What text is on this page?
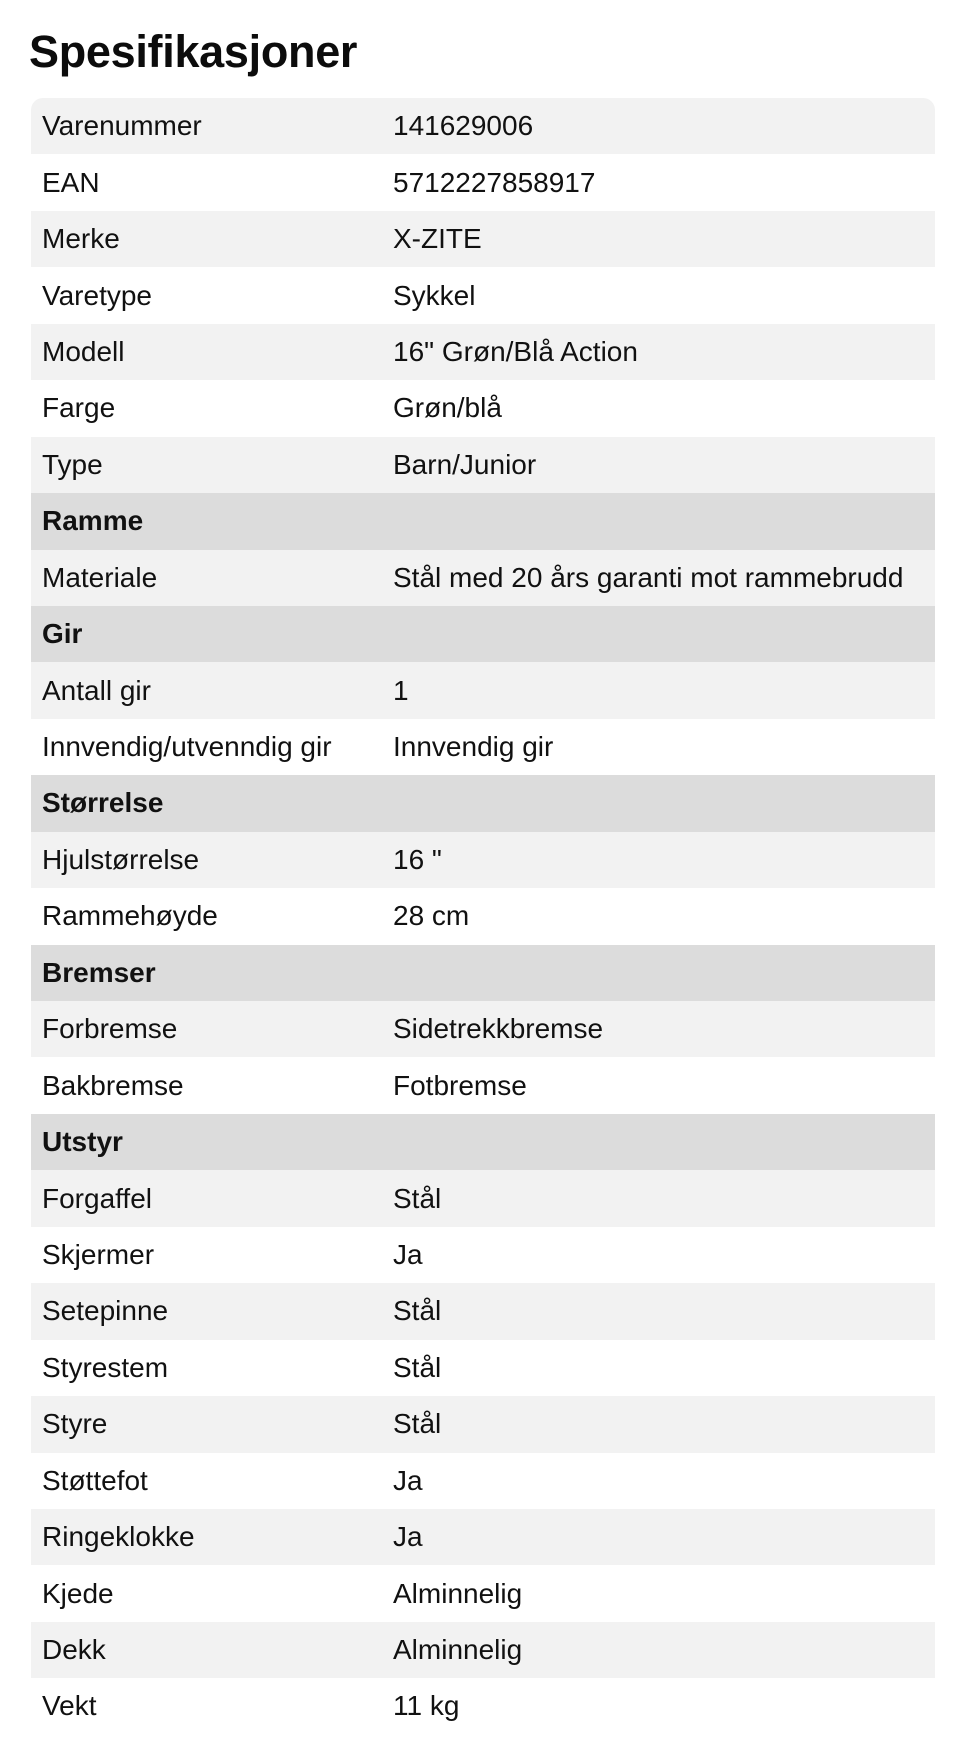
Spesifikasjoner
Varenummer	141629006
EAN	5712227858917
Merke	X-ZITE
Varetype	Sykkel
Modell	16" Grøn/Blå Action
Farge	Grøn/blå
Type	Barn/Junior
Ramme
Materiale	Stål med 20 års garanti mot rammebrudd
Gir
Antall gir	1
Innvendig/utvenndig gir	Innvendig gir
Størrelse
Hjulstørrelse	16 "
Rammehøyde	28 cm
Bremser
Forbremse	Sidetrekkbremse
Bakbremse	Fotbremse
Utstyr
Forgaffel	Stål
Skjermer	Ja
Setepinne	Stål
Styrestem	Stål
Styre	Stål
Støttefot	Ja
Ringeklokke	Ja
Kjede	Alminnelig
Dekk	Alminnelig
Vekt	11 kg
